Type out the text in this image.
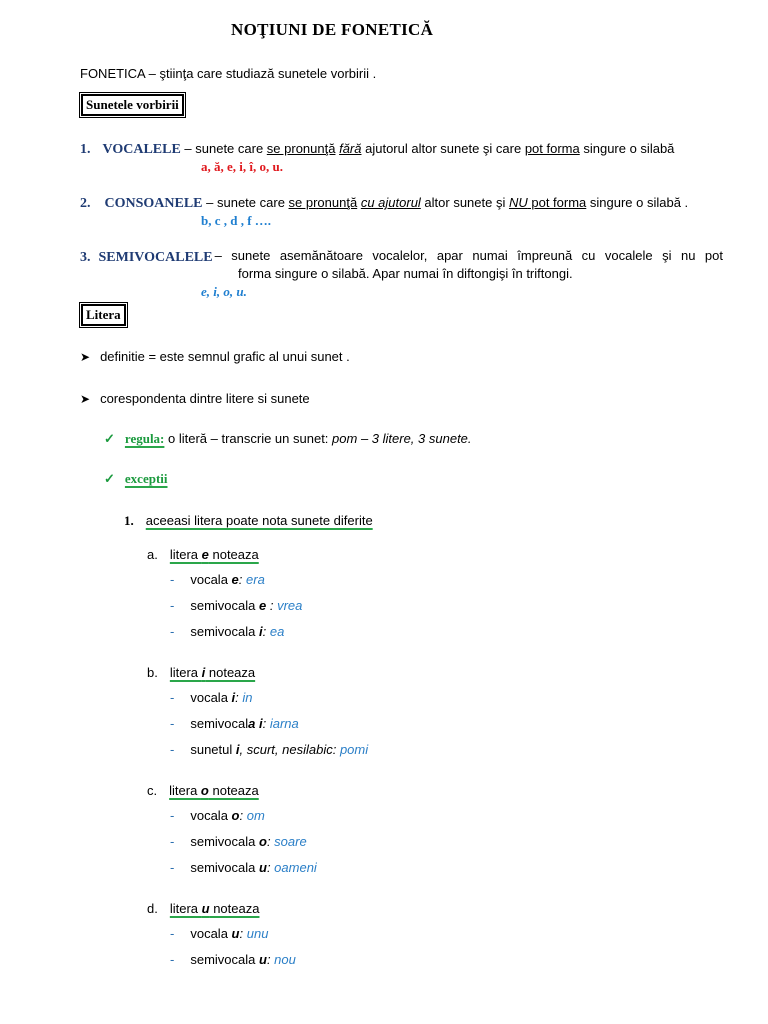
NOŢIUNI DE FONETICĂ
FONETICA – ştiinţa care studiază sunetele vorbirii .
Sunetele vorbirii
1. VOCALELE – sunete care se pronunţă fără ajutorul altor sunete şi care pot forma singure o silabă
a, ă, e, i, î, o, u.
2. CONSOANELE – sunete care se pronunţă cu ajutorul altor sunete şi NU pot forma singure o silabă .
b, c , d , f ….
3. SEMIVOCALELE – sunete asemănătoare vocalelor, apar numai împreună cu vocalele şi nu pot
forma singure o silabă. Apar numai în diftongişi în triftongi.
e, i, o, u.
Litera
➤ definitie = este semnul grafic al unui sunet .
➤ corespondenta dintre litere si sunete
✓ regula: o literă – transcrie un sunet: pom – 3 litere, 3 sunete.
✓ exceptii
1. aceeasi litera poate nota sunete diferite
a. litera e noteaza
- vocala e: era
- semivocala e : vrea
- semivocala i: ea
b. litera i noteaza
- vocala i: in
- semivocala i: iarna
- sunetul i, scurt, nesilabic: pomi
c. litera o noteaza
- vocala o: om
- semivocala o: soare
- semivocala u: oameni
d. litera u noteaza
- vocala u: unu
- semivocala u: nou
